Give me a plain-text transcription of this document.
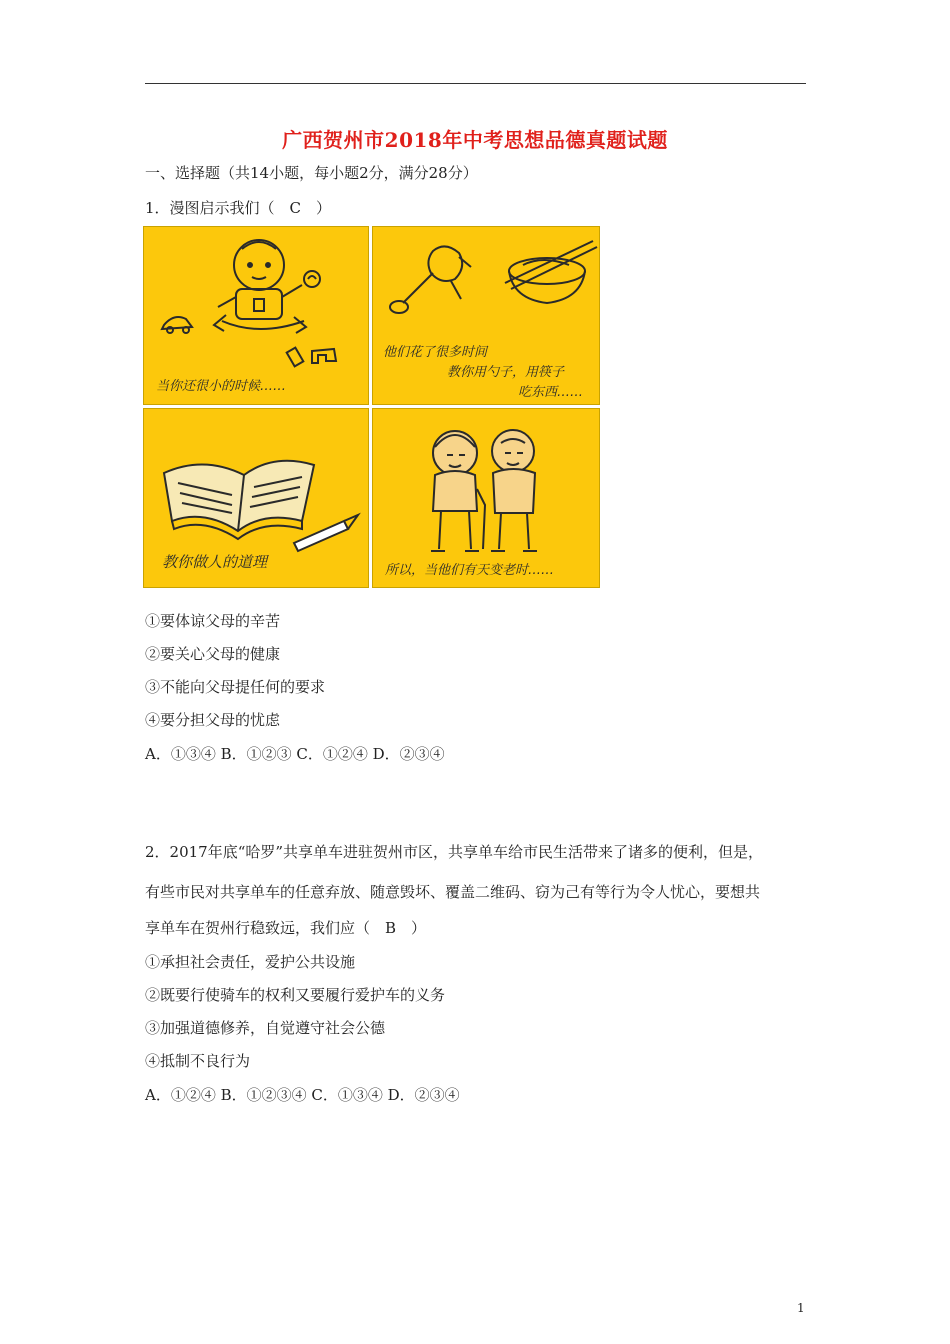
广西贺州市2018年中考思想品德真题试题
一、选择题（共14小题，每小题2分，满分28分）
1．漫图启示我们（　C　）
当你还很小的时候……
他们花了很多时间
教你用勺子，用筷子
吃东西……
教你做人的道理	所以，当他们有天变老时……
①要体谅父母的辛苦
②要关心父母的健康
③不能向父母提任何的要求
④要分担父母的忧虑
A．①③④ B．①②③ C．①②④ D．②③④
2．2017年底“哈罗”共享单车进驻贺州市区，共享单车给市民生活带来了诸多的便利，但是，
有些市民对共享单车的任意弃放、随意毁坏、覆盖二维码、窃为己有等行为令人忧心，要想共
享单车在贺州行稳致远，我们应（　B　）
①承担社会责任，爱护公共设施
②既要行使骑车的权利又要履行爱护车的义务
③加强道德修养，自觉遵守社会公德
④抵制不良行为
A．①②④ B．①②③④ C．①③④ D．②③④
1
